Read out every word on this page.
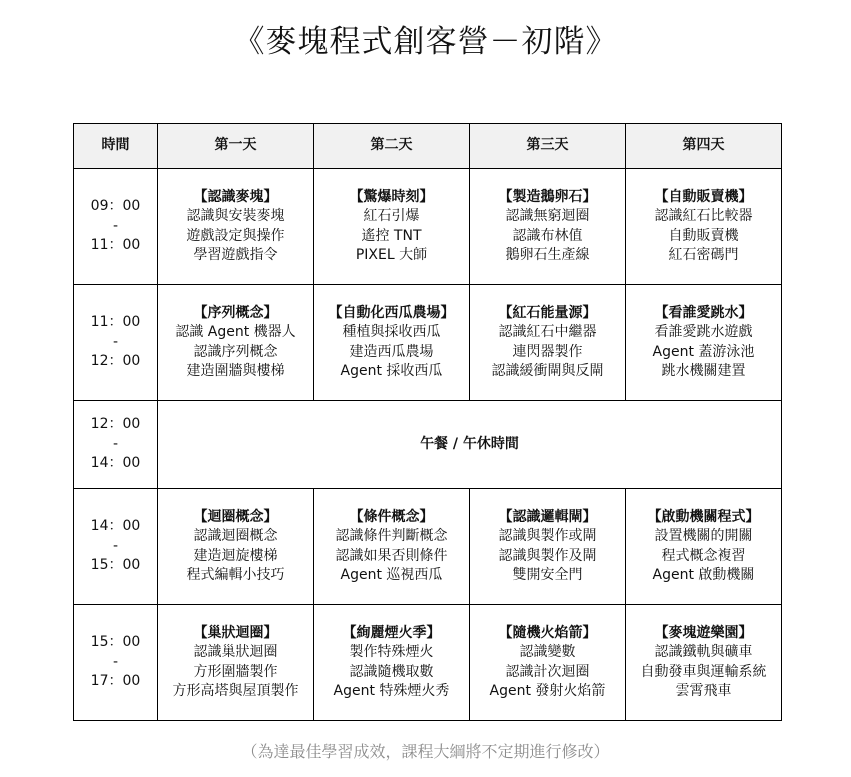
《麥塊程式創客營－初階》
時間	第一天	第二天	第三天	第四天

09：00
-
11：00	【認識麥塊】
認識與安裝麥塊
遊戲設定與操作
學習遊戲指令	【驚爆時刻】
紅石引爆
遙控 TNT
PIXEL 大師	【製造鵝卵石】
認識無窮迴圈
認識布林值
鵝卵石生產線	【自動販賣機】
認識紅石比較器
自動販賣機
紅石密碼門

11：00
-
12：00	【序列概念】
認識 Agent 機器人
認識序列概念
建造圍牆與樓梯	【自動化西瓜農場】
種植與採收西瓜
建造西瓜農場
Agent 採收西瓜	【紅石能量源】
認識紅石中繼器
連閃器製作
認識緩衝閘與反閘	【看誰愛跳水】
看誰愛跳水遊戲
Agent 蓋游泳池
跳水機關建置

12：00
-
14：00	午餐 / 午休時間			

14：00
-
15：00	【迴圈概念】
認識迴圈概念
建造迴旋樓梯
程式編輯小技巧	【條件概念】
認識條件判斷概念
認識如果否則條件
Agent 巡視西瓜	【認識邏輯閘】
認識與製作或閘
認識與製作及閘
雙開安全門	【啟動機關程式】
設置機關的開關
程式概念複習
Agent 啟動機關

15：00
-
17：00	【巢狀迴圈】
認識巢狀迴圈
方形圍牆製作
方形高塔與屋頂製作	【絢麗煙火季】
製作特殊煙火
認識隨機取數
Agent 特殊煙火秀	【隨機火焰箭】
認識變數
認識計次迴圈
Agent 發射火焰箭	【麥塊遊樂園】
認識鐵軌與礦車
自動發車與運輸系統
雲霄飛車
（為達最佳學習成效，課程大綱將不定期進行修改）
